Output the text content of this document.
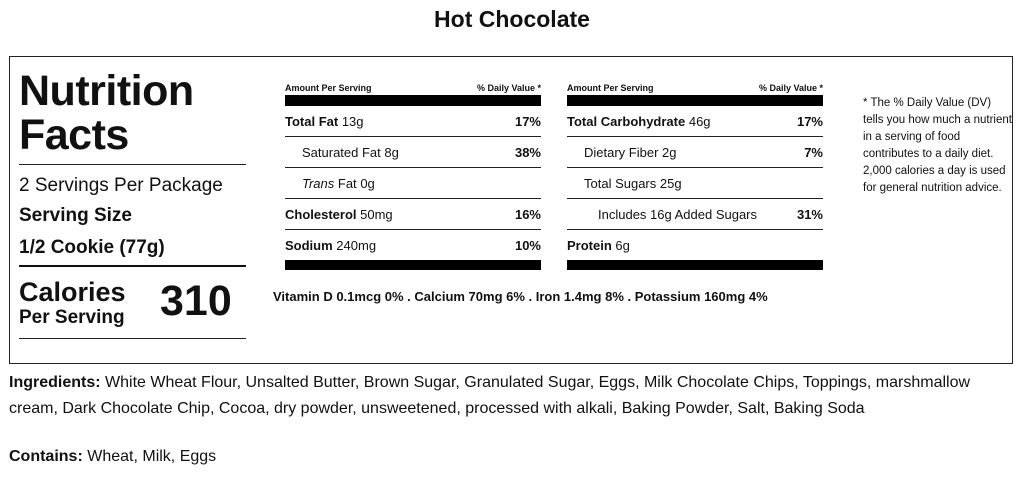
Hot Chocolate
Nutrition
Facts
2 Servings Per Package
Serving Size
1/2 Cookie (77g)
Calories
Per Serving 310
Amount Per Serving	% Daily Value *
Total Fat 13g	17%
Saturated Fat 8g	38%
Trans Fat 0g
Cholesterol 50mg	16%
Sodium 240mg	10%
Amount Per Serving	% Daily Value *
Total Carbohydrate 46g	17%
Dietary Fiber 2g	7%
Total Sugars 25g
Includes 16g Added Sugars	31%
Protein 6g
Vitamin D 0.1mcg 0% . Calcium 70mg 6% . Iron 1.4mg 8% . Potassium 160mg 4%
* The % Daily Value (DV) tells you how much a nutrient in a serving of food contributes to a daily diet. 2,000 calories a day is used for general nutrition advice.
Ingredients: White Wheat Flour, Unsalted Butter, Brown Sugar, Granulated Sugar, Eggs, Milk Chocolate Chips, Toppings, marshmallow cream, Dark Chocolate Chip, Cocoa, dry powder, unsweetened, processed with alkali, Baking Powder, Salt, Baking Soda
Contains: Wheat, Milk, Eggs
